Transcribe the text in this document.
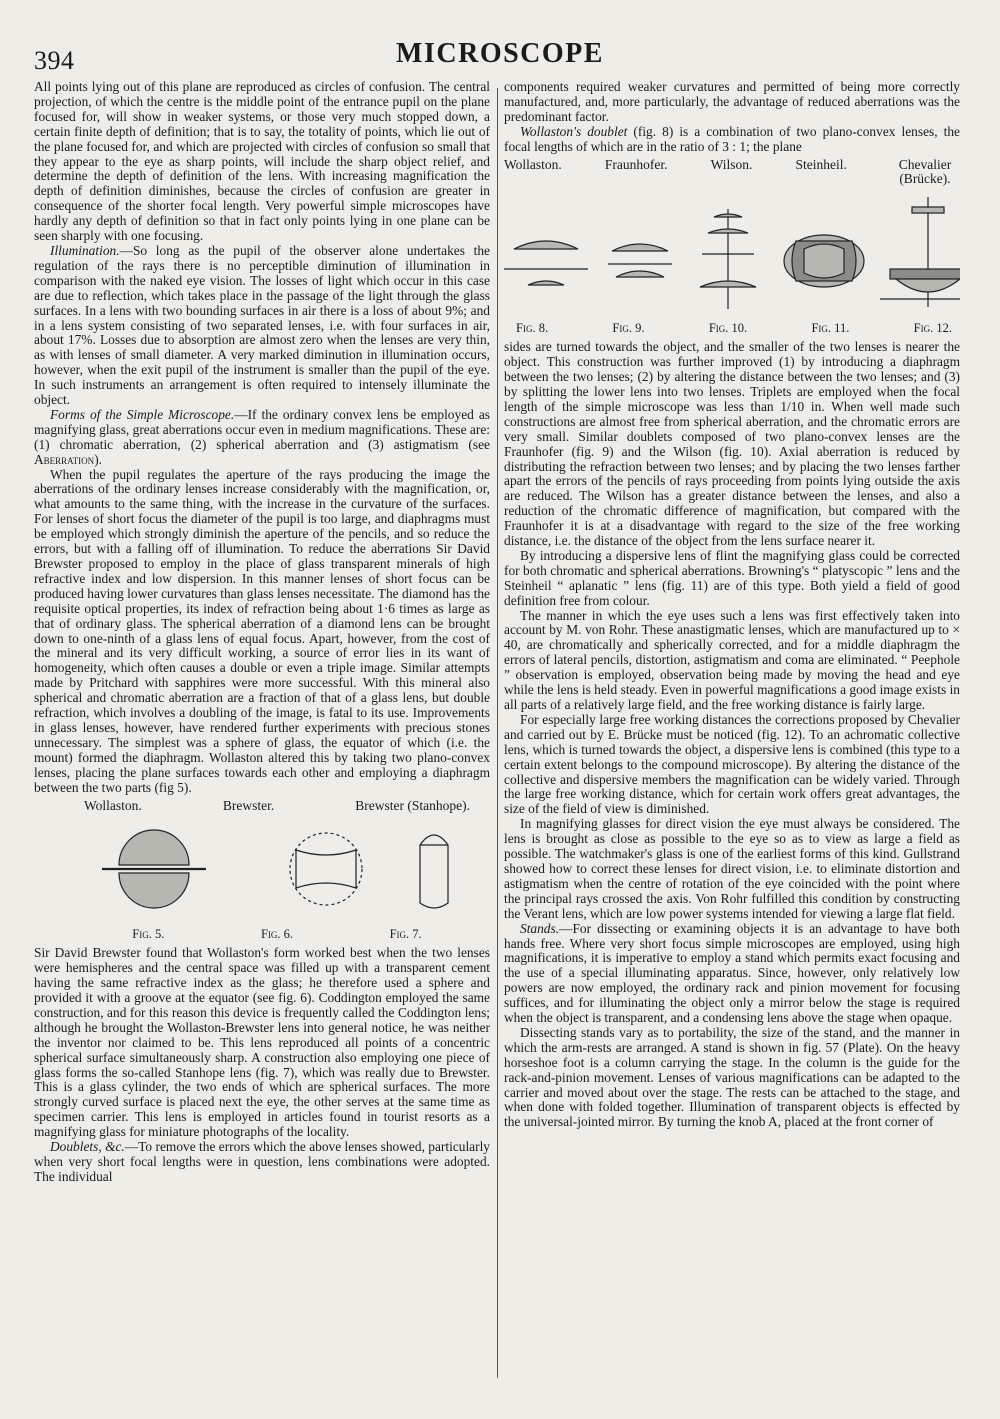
394	MICROSCOPE

All points lying out of this plane are reproduced as circles of confusion. The central projection, of which the centre is the middle point of the entrance pupil on the plane focused for, will show in weaker systems, or those very much stopped down, a certain finite depth of definition; that is to say, the totality of points, which lie out of the plane focused for, and which are projected with circles of confusion so small that they appear to the eye as sharp points, will include the sharp object relief, and determine the depth of definition of the lens. With increasing magnification the depth of definition diminishes, because the circles of confusion are greater in consequence of the shorter focal length. Very powerful simple microscopes have hardly any depth of definition so that in fact only points lying in one plane can be seen sharply with one focusing.

Illumination.—So long as the pupil of the observer alone undertakes the regulation of the rays there is no perceptible diminution of illumination in comparison with the naked eye vision. The losses of light which occur in this case are due to reflection, which takes place in the passage of the light through the glass surfaces. In a lens with two bounding surfaces in air there is a loss of about 9%; and in a lens system consisting of two separated lenses, i.e. with four surfaces in air, about 17%. Losses due to absorption are almost zero when the lenses are very thin, as with lenses of small diameter. A very marked diminution in illumination occurs, however, when the exit pupil of the instrument is smaller than the pupil of the eye. In such instruments an arrangement is often required to intensely illuminate the object.

Forms of the Simple Microscope.—If the ordinary convex lens be employed as magnifying glass, great aberrations occur even in medium magnifications. These are: (1) chromatic aberration, (2) spherical aberration and (3) astigmatism (see Aberration).

When the pupil regulates the aperture of the rays producing the image the aberrations of the ordinary lenses increase considerably with the magnification, or, what amounts to the same thing, with the increase in the curvature of the surfaces. For lenses of short focus the diameter of the pupil is too large, and diaphragms must be employed which strongly diminish the aperture of the pencils, and so reduce the errors, but with a falling off of illumination. To reduce the aberrations Sir David Brewster proposed to employ in the place of glass transparent minerals of high refractive index and low dispersion. In this manner lenses of short focus can be produced having lower curvatures than glass lenses necessitate. The diamond has the requisite optical properties, its index of refraction being about 1·6 times as large as that of ordinary glass. The spherical aberration of a diamond lens can be brought down to one-ninth of a glass lens of equal focus. Apart, however, from the cost of the mineral and its very difficult working, a source of error lies in its want of homogeneity, which often causes a double or even a triple image. Similar attempts made by Pritchard with sapphires were more successful. With this mineral also spherical and chromatic aberration are a fraction of that of a glass lens, but double refraction, which involves a doubling of the image, is fatal to its use. Improvements in glass lenses, however, have rendered further experiments with precious stones unnecessary. The simplest was a sphere of glass, the equator of which (i.e. the mount) formed the diaphragm. Wollaston altered this by taking two plano-convex lenses, placing the plane surfaces towards each other and employing a diaphragm between the two parts (fig 5).

Wollaston.	Brewster.	Brewster (Stanhope).
Fig. 5.	Fig. 6.	Fig. 7.

Sir David Brewster found that Wollaston's form worked best when the two lenses were hemispheres and the central space was filled up with a transparent cement having the same refractive index as the glass; he therefore used a sphere and provided it with a groove at the equator (see fig. 6). Coddington employed the same construction, and for this reason this device is frequently called the Coddington lens; although he brought the Wollaston-Brewster lens into general notice, he was neither the inventor nor claimed to be. This lens reproduced all points of a concentric spherical surface simultaneously sharp. A construction also employing one piece of glass forms the so-called Stanhope lens (fig. 7), which was really due to Brewster. This is a glass cylinder, the two ends of which are spherical surfaces. The more strongly curved surface is placed next the eye, the other serves at the same time as specimen carrier. This lens is employed in articles found in tourist resorts as a magnifying glass for miniature photographs of the locality.

Doublets, &c.—To remove the errors which the above lenses showed, particularly when very short focal lengths were in question, lens combinations were adopted. The individual

components required weaker curvatures and permitted of being more correctly manufactured, and, more particularly, the advantage of reduced aberrations was the predominant factor.

Wollaston's doublet (fig. 8) is a combination of two plano-convex lenses, the focal lengths of which are in the ratio of 3 : 1; the plane

Wollaston.	Fraunhofer.	Wilson.	Steinheil.	Chevalier (Brücke).
Fig. 8.	Fig. 9.	Fig. 10.	Fig. 11.	Fig. 12.

sides are turned towards the object, and the smaller of the two lenses is nearer the object. This construction was further improved (1) by introducing a diaphragm between the two lenses; (2) by altering the distance between the two lenses; and (3) by splitting the lower lens into two lenses. Triplets are employed when the focal length of the simple microscope was less than 1/10 in. When well made such constructions are almost free from spherical aberration, and the chromatic errors are very small. Similar doublets composed of two plano-convex lenses are the Fraunhofer (fig. 9) and the Wilson (fig. 10). Axial aberration is reduced by distributing the refraction between two lenses; and by placing the two lenses farther apart the errors of the pencils of rays proceeding from points lying outside the axis are reduced. The Wilson has a greater distance between the lenses, and also a reduction of the chromatic difference of magnification, but compared with the Fraunhofer it is at a disadvantage with regard to the size of the free working distance, i.e. the distance of the object from the lens surface nearer it.

By introducing a dispersive lens of flint the magnifying glass could be corrected for both chromatic and spherical aberrations. Browning's “ platyscopic ” lens and the Steinheil “ aplanatic ” lens (fig. 11) are of this type. Both yield a field of good definition free from colour.

The manner in which the eye uses such a lens was first effectively taken into account by M. von Rohr. These anastigmatic lenses, which are manufactured up to × 40, are chromatically and spherically corrected, and for a middle diaphragm the errors of lateral pencils, distortion, astigmatism and coma are eliminated. “ Peephole ” observation is employed, observation being made by moving the head and eye while the lens is held steady. Even in powerful magnifications a good image exists in all parts of a relatively large field, and the free working distance is fairly large.

For especially large free working distances the corrections proposed by Chevalier and carried out by E. Brücke must be noticed (fig. 12). To an achromatic collective lens, which is turned towards the object, a dispersive lens is combined (this type to a certain extent belongs to the compound microscope). By altering the distance of the collective and dispersive members the magnification can be widely varied. Through the large free working distance, which for certain work offers great advantages, the size of the field of view is diminished.

In magnifying glasses for direct vision the eye must always be considered. The lens is brought as close as possible to the eye so as to view as large a field as possible. The watchmaker's glass is one of the earliest forms of this kind. Gullstrand showed how to correct these lenses for direct vision, i.e. to eliminate distortion and astigmatism when the centre of rotation of the eye coincided with the point where the principal rays crossed the axis. Von Rohr fulfilled this condition by constructing the Verant lens, which are low power systems intended for viewing a large flat field.

Stands.—For dissecting or examining objects it is an advantage to have both hands free. Where very short focus simple microscopes are employed, using high magnifications, it is imperative to employ a stand which permits exact focusing and the use of a special illuminating apparatus. Since, however, only relatively low powers are now employed, the ordinary rack and pinion movement for focusing suffices, and for illuminating the object only a mirror below the stage is required when the object is transparent, and a condensing lens above the stage when opaque.

Dissecting stands vary as to portability, the size of the stand, and the manner in which the arm-rests are arranged. A stand is shown in fig. 57 (Plate). On the heavy horseshoe foot is a column carrying the stage. In the column is the guide for the rack-and-pinion movement. Lenses of various magnifications can be adapted to the carrier and moved about over the stage. The rests can be attached to the stage, and when done with folded together. Illumination of transparent objects is effected by the universal-jointed mirror. By turning the knob A, placed at the front corner of
